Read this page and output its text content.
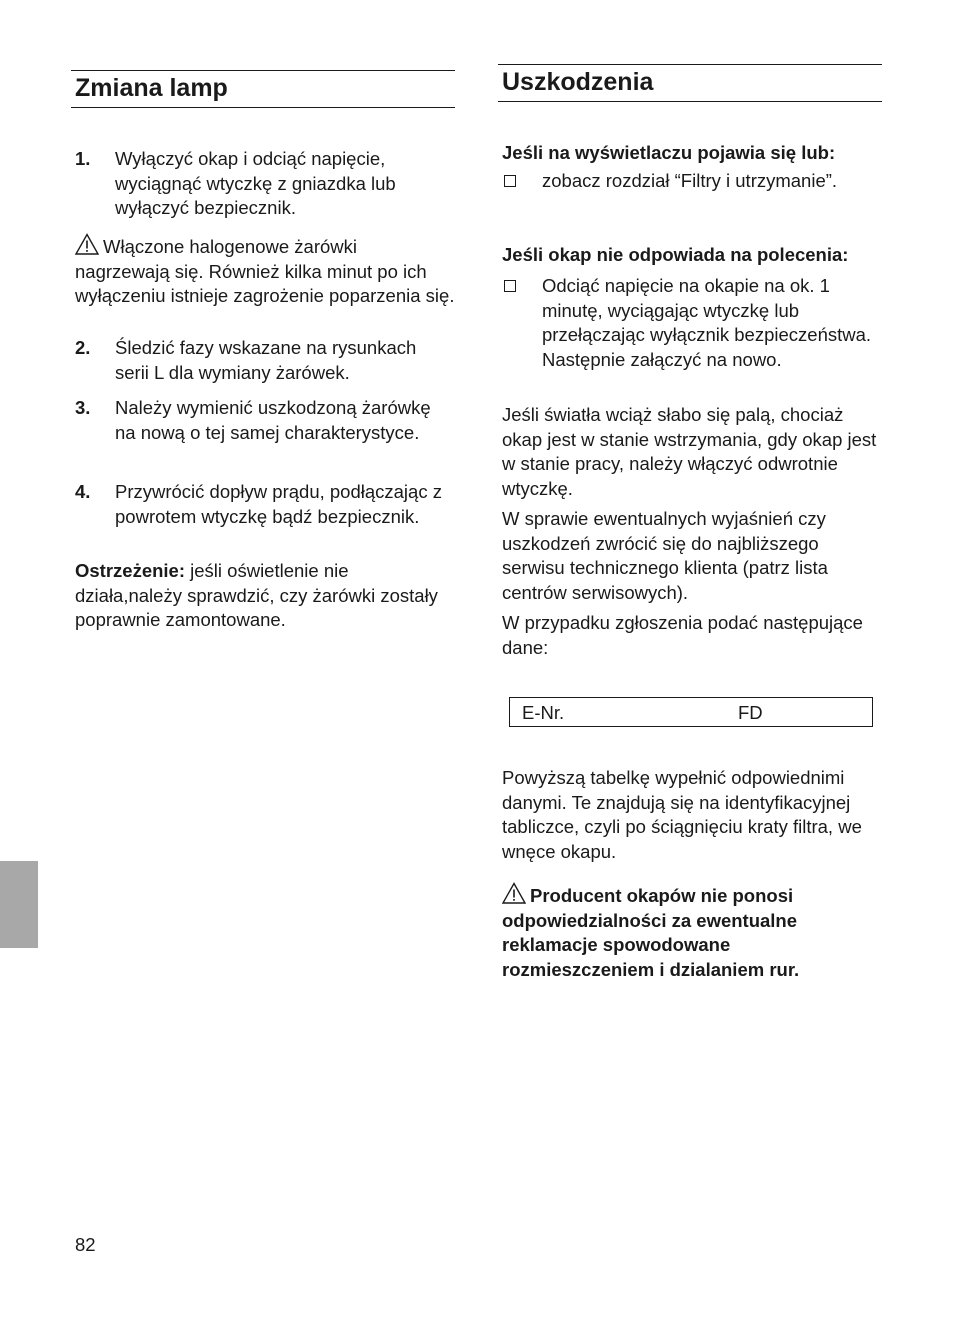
Zmiana lamp
1.	Wyłączyć okap i odciąć napięcie, wyciągnąć wtyczkę z gniazdka lub wyłączyć bezpiecznik.
Włączone halogenowe żarówki nagrzewają się. Również kilka minut po ich wyłączeniu istnieje zagrożenie poparzenia się.
2.	Śledzić fazy wskazane na rysunkach serii L dla wymiany żarówek.
3.	Należy wymienić uszkodzoną żarówkę na nową o tej samej charakterystyce.
4.	Przywrócić dopływ prądu, podłączając z powrotem wtyczkę bądź bezpiecznik.
Ostrzeżenie: jeśli oświetlenie nie działa,należy sprawdzić, czy żarówki zostały poprawnie zamontowane.
Uszkodzenia
Jeśli na wyświetlaczu pojawia się lub:
zobacz rozdział “Filtry i utrzymanie”.
Jeśli okap nie odpowiada na polecenia:
Odciąć napięcie na okapie na ok. 1 minutę, wyciągając wtyczkę lub przełączając wyłącznik bezpieczeństwa. Następnie załączyć na nowo.
Jeśli światła wciąż słabo się palą, chociaż okap jest w stanie wstrzymania, gdy okap jest w stanie pracy, należy włączyć odwrotnie wtyczkę.
W sprawie ewentualnych wyjaśnień czy uszkodzeń zwrócić się do najbliższego serwisu technicznego klienta (patrz lista centrów serwisowych).
W przypadku zgłoszenia podać następujące dane:
E-Nr.	FD
Powyższą tabelkę wypełnić odpowiednimi danymi. Te znajdują się na identyfikacyjnej tabliczce, czyli po ściągnięciu kraty filtra, we wnęce okapu.
Producent okapów nie ponosi odpowiedzialności za ewentualne reklamacje spowodowane rozmieszczeniem i dzialaniem rur.
82
